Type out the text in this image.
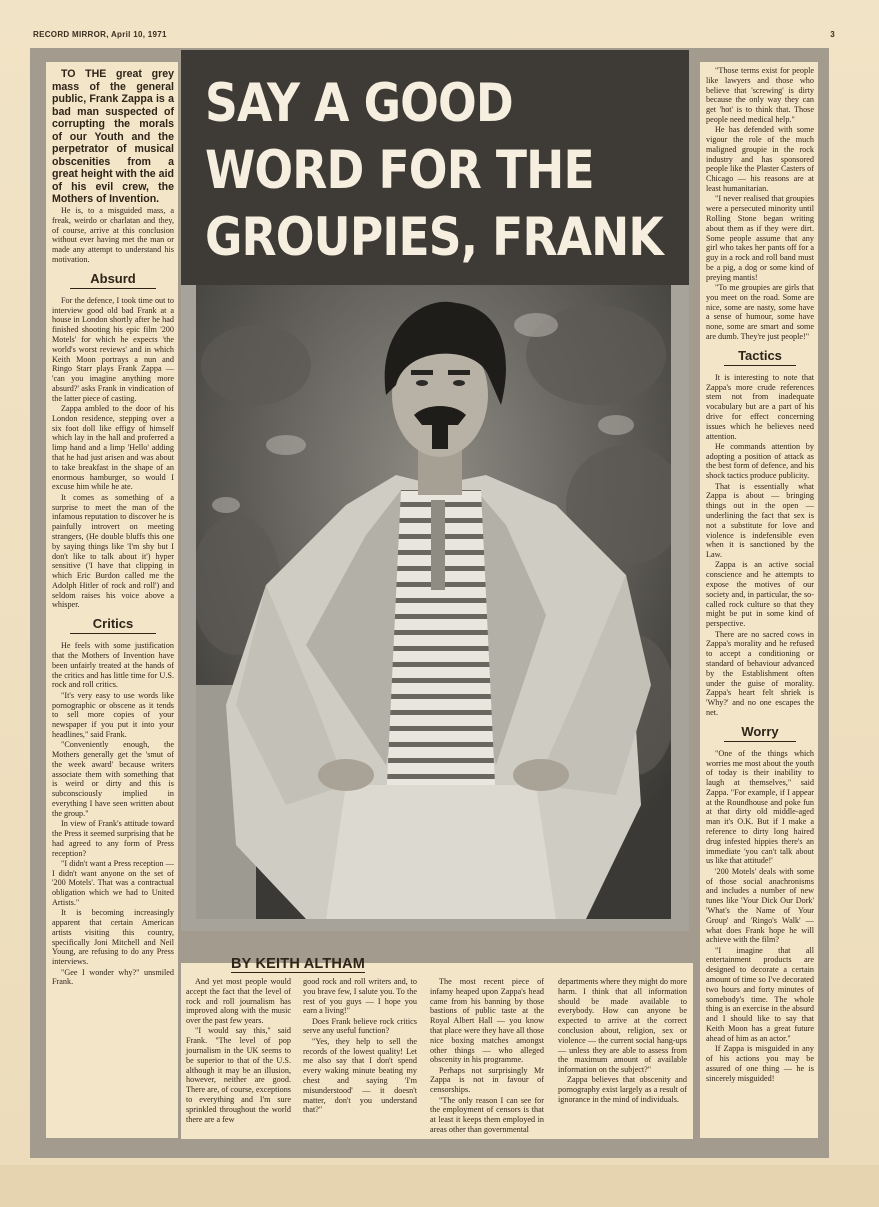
RECORD MIRROR, April 10, 1971	3

TO THE great grey mass of the general public, Frank Zappa is a bad man suspected of corrupting the morals of our Youth and the perpetrator of musical obscenities from a great height with the aid of his evil crew, the Mothers of Invention.

He is, to a misguided mass, a freak, weirdo or charlatan and they, of course, arrive at this conclusion without ever having met the man or made any attempt to understand his motivation.

Absurd

For the defence, I took time out to interview good old bad Frank at a house in London shortly after he had finished shooting his epic film '200 Motels' for which he expects 'the world's worst reviews' and in which Keith Moon portrays a nun and Ringo Starr plays Frank Zappa — 'can you imagine anything more absurd?' asks Frank in vindication of the latter piece of casting.

Zappa ambled to the door of his London residence, stepping over a six foot doll like effigy of himself which lay in the hall and proferred a limp hand and a limp 'Hello' adding that he had just arisen and was about to take breakfast in the shape of an enormous hamburger, so would I excuse him while he ate.

It comes as something of a surprise to meet the man of the infamous reputation to discover he is painfully introvert on meeting strangers, (He double bluffs this one by saying things like 'I'm shy but I don't like to talk about it') hyper sensitive ('I have that clipping in which Eric Burdon called me the Adolph Hitler of rock and roll') and seldom raises his voice above a whisper.

Critics

He feels with some justification that the Mothers of Invention have been unfairly treated at the hands of the critics and has little time for U.S. rock and roll critics.

"It's very easy to use words like pornographic or obscene as it tends to sell more copies of your newspaper if you put it into your headlines," said Frank.

"Conveniently enough, the Mothers generally get the 'smut of the week award' because writers associate them with something that is weird or dirty and this is subconsciously implied in everything I have seen written about the group."

In view of Frank's attitude toward the Press it seemed surprising that he had agreed to any form of Press reception?

"I didn't want a Press reception — I didn't want anyone on the set of '200 Motels'. That was a contractual obligation which we had to United Artists."

It is becoming increasingly apparent that certain American artists visiting this country, specifically Joni Mitchell and Neil Young, are refusing to do any Press interviews.

"Gee I wonder why?" unsmiled Frank.

SAY A GOOD
WORD FOR THE
GROUPIES, FRANK
BY KEITH ALTHAM

And yet most people would accept the fact that the level of rock and roll journalism has improved along with the music over the past few years.

"I would say this," said Frank. "The level of pop journalism in the UK seems to be superior to that of the U.S. although it may be an illusion, however, neither are good. There are, of course, exceptions to everything and I'm sure sprinkled throughout the world there are a few

good rock and roll writers and, to you brave few, I salute you. To the rest of you guys — I hope you earn a living!"

Does Frank believe rock critics serve any useful function?

"Yes, they help to sell the records of the lowest quality! Let me also say that I don't spend every waking minute beating my chest and saying 'I'm misunderstood' — it doesn't matter, don't you understand that?"

The most recent piece of infamy heaped upon Zappa's head came from his banning by those bastions of public taste at the Royal Albert Hall — you know that place were they have all those nice boxing matches amongst other things — who alleged obscenity in his programme.

Perhaps not surprisingly Mr Zappa is not in favour of censorships.

"The only reason I can see for the employment of censors is that at least it keeps them employed in areas other than governmental

departments where they might do more harm. I think that all information should be made available to everybody. How can anyone be expected to arrive at the correct conclusion about, religion, sex or violence — the current social hang-ups — unless they are able to assess from the maximum amount of available information on the subject?"

Zappa believes that obscenity and pornography exist largely as a result of ignorance in the mind of individuals.

"Those terms exist for people like lawyers and those who believe that 'screwing' is dirty because the only way they can get 'hot' is to think that. Those people need medical help."

He has defended with some vigour the role of the much maligned groupie in the rock industry and has sponsored people like the Plaster Casters of Chicago — his reasons are at least humanitarian.

"I never realised that groupies were a persecuted minority until Rolling Stone began writing about them as if they were dirt. Some people assume that any girl who takes her pants off for a guy in a rock and roll band must be a pig, a dog or some kind of preying mantis!

"To me groupies are girls that you meet on the road. Some are nice, some are nasty, some have a sense of humour, some have none, some are smart and some are dumb. They're just people!"

Tactics

It is interesting to note that Zappa's more crude references stem not from inadequate vocabulary but are a part of his drive for effect concerning issues which he believes need attention.

He commands attention by adopting a position of attack as the best form of defence, and his shock tactics produce publicity.

That is essentially what Zappa is about — bringing things out in the open — underlining the fact that sex is not a substitute for love and violence is indefensible even when it is sanctioned by the Law.

Zappa is an active social conscience and he attempts to expose the motives of our society and, in particular, the so-called rock culture so that they might be put in some kind of perspective.

There are no sacred cows in Zappa's morality and he refused to accept a conditioning or standard of behaviour advanced by the Establishment often under the guise of morality. Zappa's heart felt shriek is 'Why?' and no one escapes the net.

Worry

"One of the things which worries me most about the youth of today is their inability to laugh at themselves," said Zappa. "For example, if I appear at the Roundhouse and poke fun at that dirty old middle-aged man it's O.K. But if I make a reference to dirty long haired drug infested hippies there's an immediate 'you can't talk about us like that attitude!'

'200 Motels' deals with some of those social anachronisms and includes a number of new tunes like 'Your Dick Our Dork' 'What's the Name of Your Group' and 'Ringo's Walk' — what does Frank hope he will achieve with the film?

"I imagine that all entertainment products are designed to decorate a certain amount of time so I've decorated two hours and forty minutes of somebody's time. The whole thing is an exercise in the absurd and I should like to say that Keith Moon has a great future ahead of him as an actor."

If Zappa is misguided in any of his actions you may be assured of one thing — he is sincerely misguided!
